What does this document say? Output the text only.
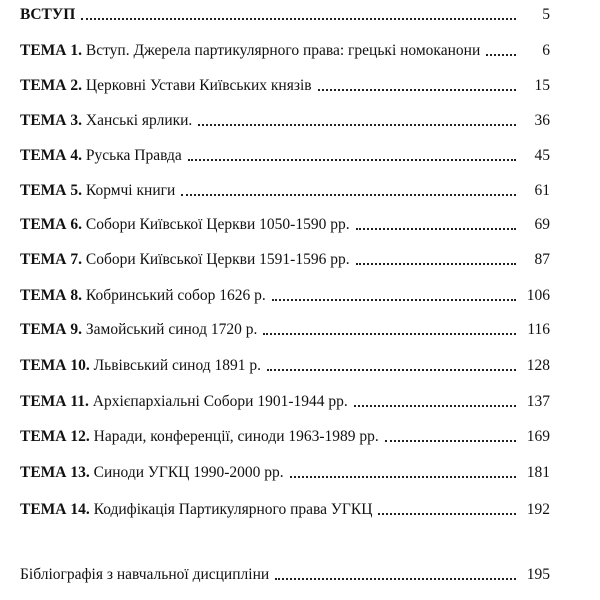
ВСТУП	5
ТЕМА 1. Вступ. Джерела партикулярного права: грецькі номоканони	6
ТЕМА 2. Церковні Устави Київських князів	15
ТЕМА 3. Ханські ярлики.	36
ТЕМА 4. Руська Правда	45
ТЕМА 5. Кормчі книги	61
ТЕМА 6. Собори Київської Церкви 1050-1590 рр.	69
ТЕМА 7. Собори Київської Церкви 1591-1596 рр.	87
ТЕМА 8. Кобринський собор 1626 р.	106
ТЕМА 9. Замойський синод 1720 р.	116
ТЕМА 10. Львівський синод 1891 р.	128
ТЕМА 11. Архієпархіальні Собори 1901-1944 рр.	137
ТЕМА 12. Наради, конференції, синоди 1963-1989 рр.	169
ТЕМА 13. Синоди УГКЦ 1990-2000 рр.	181
ТЕМА 14. Кодифікація Партикулярного права УГКЦ	192
Бібліографія з навчальної дисципліни	195
